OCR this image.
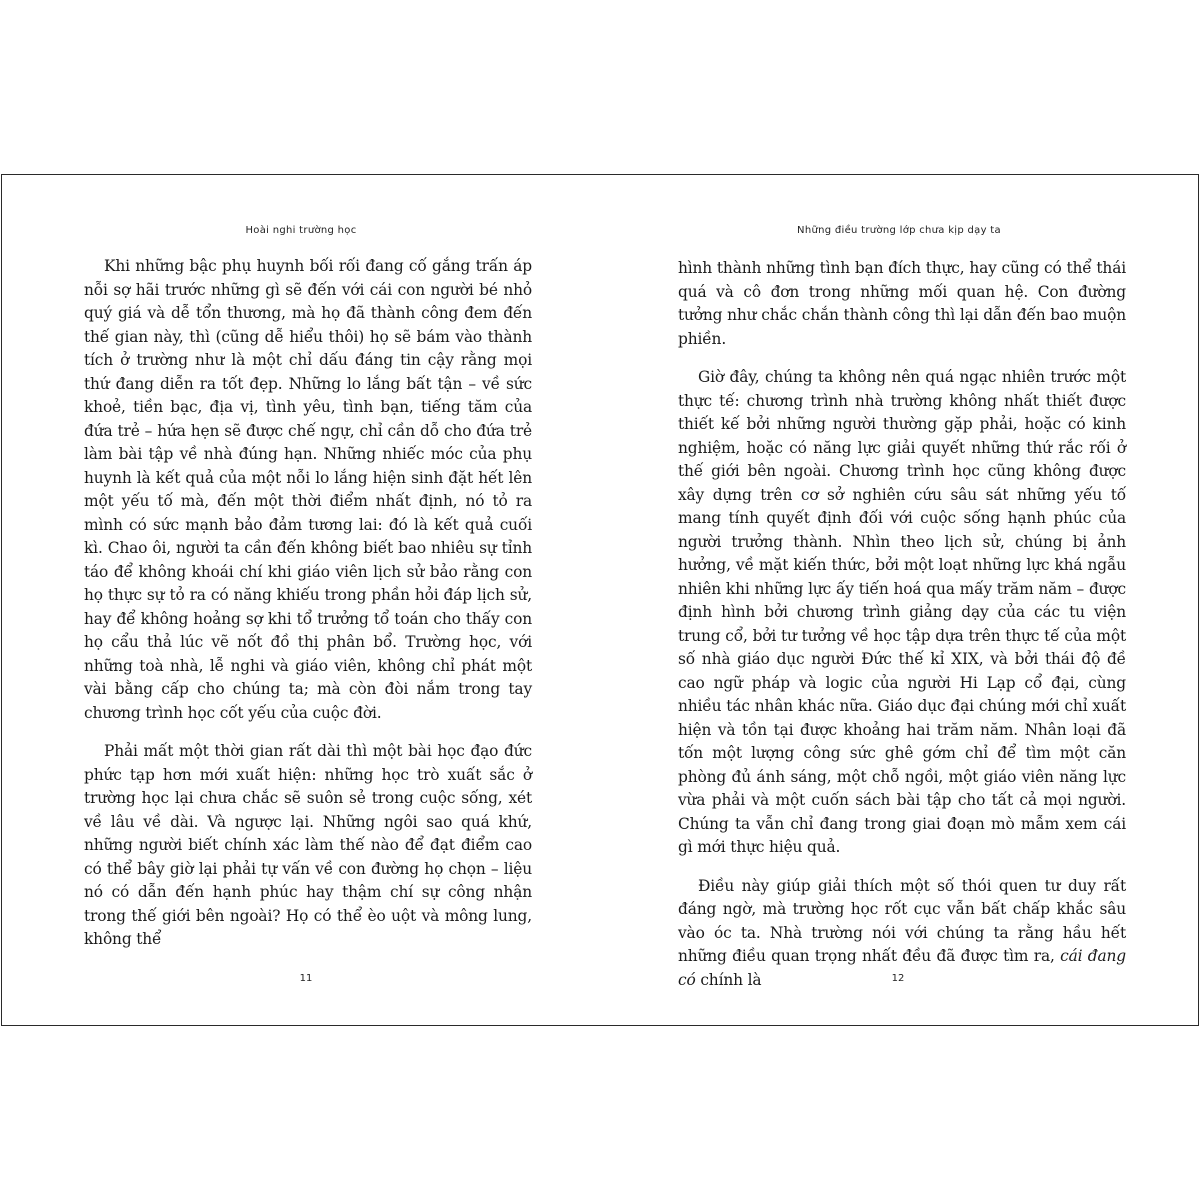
Hoài nghi trường học

Khi những bậc phụ huynh bối rối đang cố gắng trấn áp nỗi sợ hãi trước những gì sẽ đến với cái con người bé nhỏ quý giá và dễ tổn thương, mà họ đã thành công đem đến thế gian này, thì (cũng dễ hiểu thôi) họ sẽ bám vào thành tích ở trường như là một chỉ dấu đáng tin cậy rằng mọi thứ đang diễn ra tốt đẹp. Những lo lắng bất tận – về sức khoẻ, tiền bạc, địa vị, tình yêu, tình bạn, tiếng tăm của đứa trẻ – hứa hẹn sẽ được chế ngự, chỉ cần dỗ cho đứa trẻ làm bài tập về nhà đúng hạn. Những nhiếc móc của phụ huynh là kết quả của một nỗi lo lắng hiện sinh đặt hết lên một yếu tố mà, đến một thời điểm nhất định, nó tỏ ra mình có sức mạnh bảo đảm tương lai: đó là kết quả cuối kì. Chao ôi, người ta cần đến không biết bao nhiêu sự tỉnh táo để không khoái chí khi giáo viên lịch sử bảo rằng con họ thực sự tỏ ra có năng khiếu trong phần hỏi đáp lịch sử, hay để không hoảng sợ khi tổ trưởng tổ toán cho thấy con họ cẩu thả lúc vẽ nốt đồ thị phân bổ. Trường học, với những toà nhà, lễ nghi và giáo viên, không chỉ phát một vài bằng cấp cho chúng ta; mà còn đòi nắm trong tay chương trình học cốt yếu của cuộc đời.

Phải mất một thời gian rất dài thì một bài học đạo đức phức tạp hơn mới xuất hiện: những học trò xuất sắc ở trường học lại chưa chắc sẽ suôn sẻ trong cuộc sống, xét về lâu về dài. Và ngược lại. Những ngôi sao quá khứ, những người biết chính xác làm thế nào để đạt điểm cao có thể bây giờ lại phải tự vấn về con đường họ chọn – liệu nó có dẫn đến hạnh phúc hay thậm chí sự công nhận trong thế giới bên ngoài? Họ có thể èo uột và mông lung, không thể

11
Những điều trường lớp chưa kịp dạy ta

hình thành những tình bạn đích thực, hay cũng có thể thái quá và cô đơn trong những mối quan hệ. Con đường tưởng như chắc chắn thành công thì lại dẫn đến bao muộn phiền.

Giờ đây, chúng ta không nên quá ngạc nhiên trước một thực tế: chương trình nhà trường không nhất thiết được thiết kế bởi những người thường gặp phải, hoặc có kinh nghiệm, hoặc có năng lực giải quyết những thứ rắc rối ở thế giới bên ngoài. Chương trình học cũng không được xây dựng trên cơ sở nghiên cứu sâu sát những yếu tố mang tính quyết định đối với cuộc sống hạnh phúc của người trưởng thành. Nhìn theo lịch sử, chúng bị ảnh hưởng, về mặt kiến thức, bởi một loạt những lực khá ngẫu nhiên khi những lực ấy tiến hoá qua mấy trăm năm – được định hình bởi chương trình giảng dạy của các tu viện trung cổ, bởi tư tưởng về học tập dựa trên thực tế của một số nhà giáo dục người Đức thế kỉ XIX, và bởi thái độ đề cao ngữ pháp và logic của người Hi Lạp cổ đại, cùng nhiều tác nhân khác nữa. Giáo dục đại chúng mới chỉ xuất hiện và tồn tại được khoảng hai trăm năm. Nhân loại đã tốn một lượng công sức ghê gớm chỉ để tìm một căn phòng đủ ánh sáng, một chỗ ngồi, một giáo viên năng lực vừa phải và một cuốn sách bài tập cho tất cả mọi người. Chúng ta vẫn chỉ đang trong giai đoạn mò mẫm xem cái gì mới thực hiệu quả.

Điều này giúp giải thích một số thói quen tư duy rất đáng ngờ, mà trường học rốt cục vẫn bất chấp khắc sâu vào óc ta. Nhà trường nói với chúng ta rằng hầu hết những điều quan trọng nhất đều đã được tìm ra, cái đang có chính là	12
